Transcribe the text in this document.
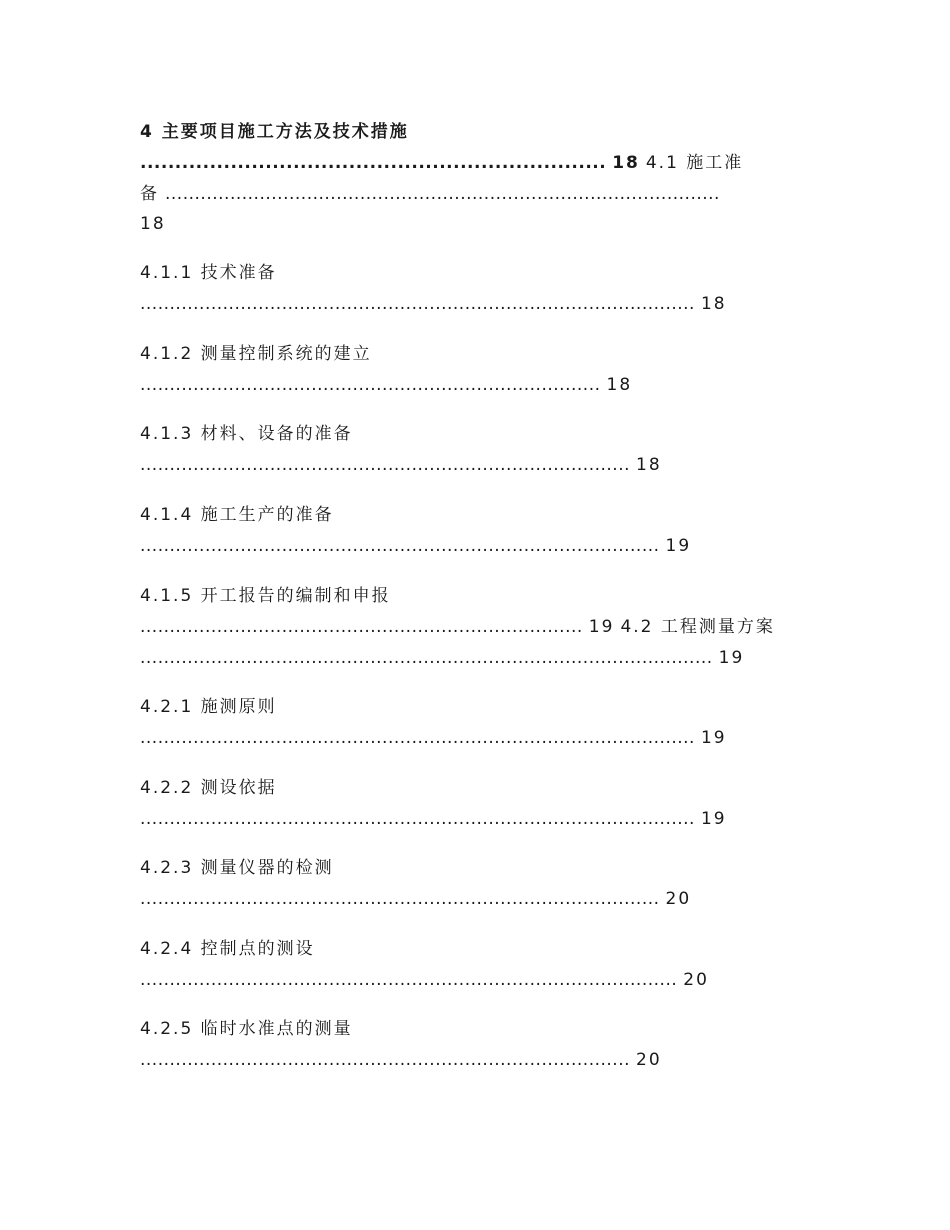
4 主要项目施工方法及技术措施
................................................................... 18 4.1 施工准
备 ..............................................................................................
18
4.1.1 技术准备
.............................................................................................. 18
4.1.2 测量控制系统的建立
.............................................................................. 18
4.1.3 材料、设备的准备
................................................................................... 18
4.1.4 施工生产的准备
........................................................................................ 19
4.1.5 开工报告的编制和申报
........................................................................... 19 4.2 工程测量方案
................................................................................................. 19
4.2.1 施测原则
.............................................................................................. 19
4.2.2 测设依据
.............................................................................................. 19
4.2.3 测量仪器的检测
........................................................................................ 20
4.2.4 控制点的测设
........................................................................................... 20
4.2.5 临时水准点的测量
................................................................................... 20
